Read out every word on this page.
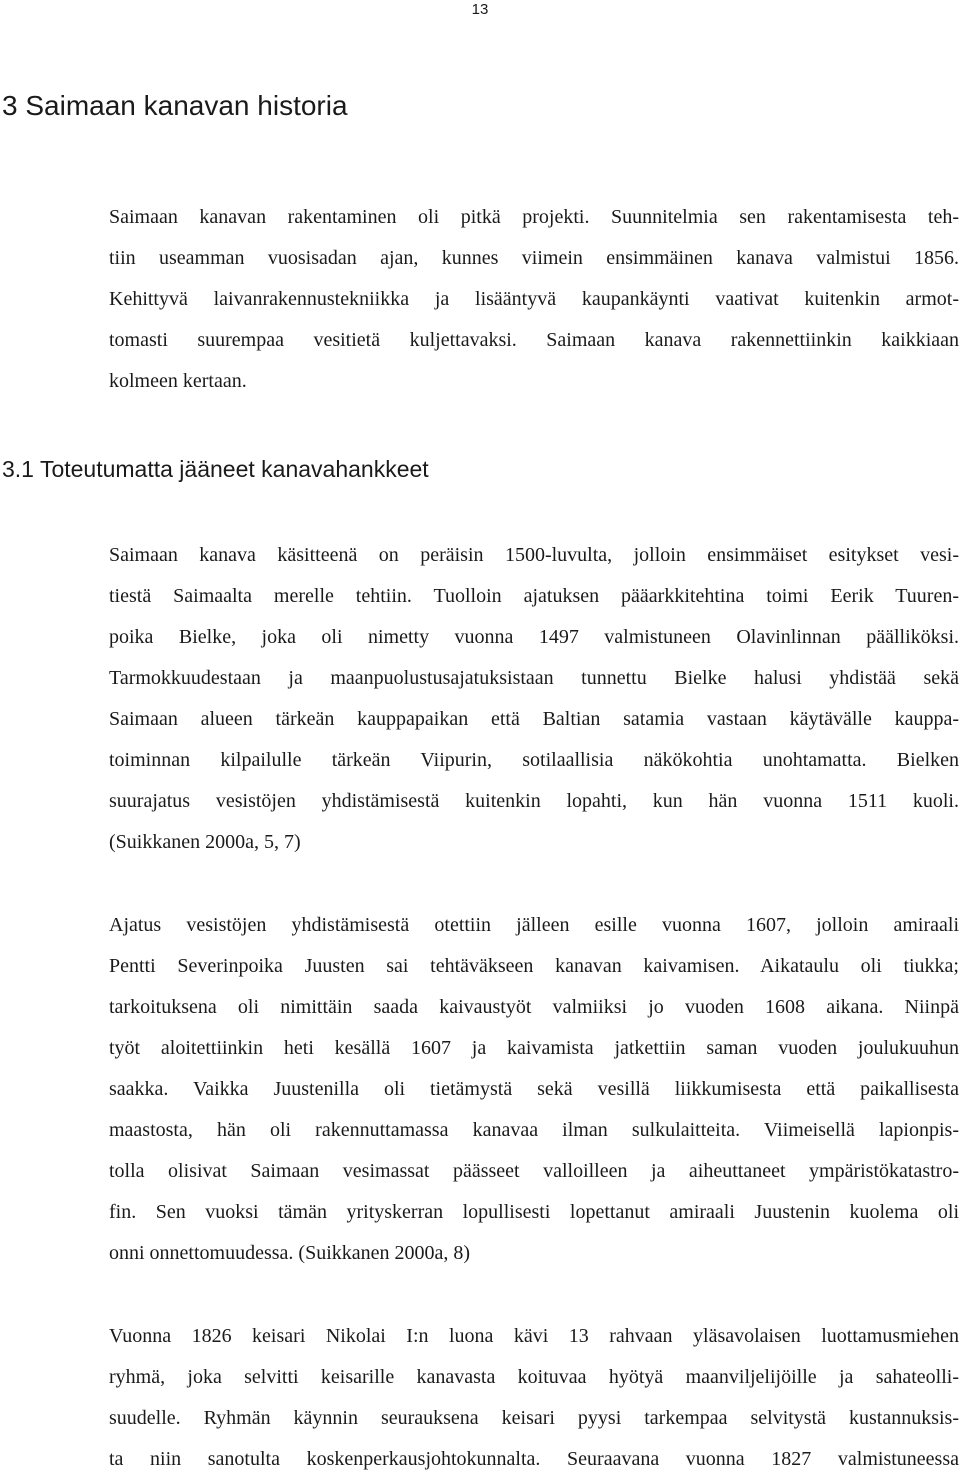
13
3 Saimaan kanavan historia

Saimaan kanavan rakentaminen oli pitkä projekti. Suunnitelmia sen rakentamisesta teh-
tiin useamman vuosisadan ajan, kunnes viimein ensimmäinen kanava valmistui 1856.
Kehittyvä laivanrakennustekniikka ja lisääntyvä kaupankäynti vaativat kuitenkin armot-
tomasti suurempaa vesitietä kuljettavaksi. Saimaan kanava rakennettiinkin kaikkiaan
kolmeen kertaan.

3.1 Toteutumatta jääneet kanavahankkeet

Saimaan kanava käsitteenä on peräisin 1500-luvulta, jolloin ensimmäiset esitykset vesi-
tiestä Saimaalta merelle tehtiin. Tuolloin ajatuksen pääarkkitehtina toimi Eerik Tuuren-
poika Bielke, joka oli nimetty vuonna 1497 valmistuneen Olavinlinnan päälliköksi.
Tarmokkuudestaan ja maanpuolustusajatuksistaan tunnettu Bielke halusi yhdistää sekä
Saimaan alueen tärkeän kauppapaikan että Baltian satamia vastaan käytävälle kauppa-
toiminnan kilpailulle tärkeän Viipurin, sotilaallisia näkökohtia unohtamatta. Bielken
suurajatus vesistöjen yhdistämisestä kuitenkin lopahti, kun hän vuonna 1511 kuoli.
(Suikkanen 2000a, 5, 7)

Ajatus vesistöjen yhdistämisestä otettiin jälleen esille vuonna 1607, jolloin amiraali
Pentti Severinpoika Juusten sai tehtäväkseen kanavan kaivamisen. Aikataulu oli tiukka;
tarkoituksena oli nimittäin saada kaivaustyöt valmiiksi jo vuoden 1608 aikana. Niinpä
työt aloitettiinkin heti kesällä 1607 ja kaivamista jatkettiin saman vuoden joulukuuhun
saakka. Vaikka Juustenilla oli tietämystä sekä vesillä liikkumisesta että paikallisesta
maastosta, hän oli rakennuttamassa kanavaa ilman sulkulaitteita. Viimeisellä lapionpis-
tolla olisivat Saimaan vesimassat päässeet valloilleen ja aiheuttaneet ympäristökatastro-
fin. Sen vuoksi tämän yrityskerran lopullisesti lopettanut amiraali Juustenin kuolema oli
onni onnettomuudessa. (Suikkanen 2000a, 8)

Vuonna 1826 keisari Nikolai I:n luona kävi 13 rahvaan yläsavolaisen luottamusmiehen
ryhmä, joka selvitti keisarille kanavasta koituvaa hyötyä maanviljelijöille ja sahateolli-
suudelle. Ryhmän käynnin seurauksena keisari pyysi tarkempaa selvitystä kustannuksis-
ta niin sanotulta koskenperkausjohtokunnalta. Seuraavana vuonna 1827 valmistuneessa
